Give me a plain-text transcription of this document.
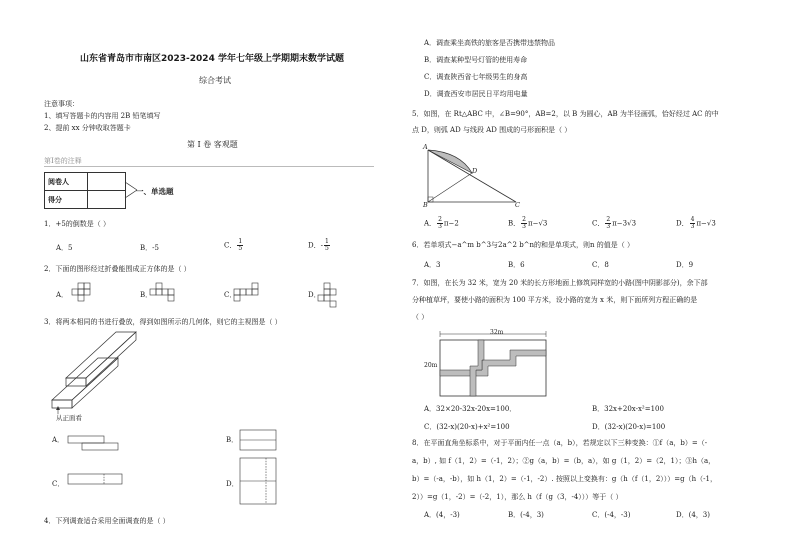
山东省青岛市市南区2023-2024 学年七年级上学期期末数学试题
综合考试
注意事项：
1、填写答题卡的内容用 2B 铅笔填写
2、提前 xx 分钟收取答题卡
第 Ⅰ 卷 客观题
第Ⅰ卷的注释
阅卷人	
得分	
一、单选题
1．+5的倒数是（ ）
A．5	B．-5	C． $\frac{1}{5}$	D．- $\frac{1}{5}$
2．下面的图形经过折叠能围成正方体的是（ ）
A．	B．	C．	D．
3．将两本相同的书进行叠放，得到如图所示的几何体，则它的主视图是（ ）
从正面看
A．	B．
C．	D．
4．下列调查适合采用全面调查的是（ ）
A．调查乘坐高铁的旅客是否携带违禁物品
B．调查某种型号灯管的使用寿命
C．调查陕西省七年级男生的身高
D．调查西安市居民日平均用电量
5．如图，在 Rt△ABC 中，∠B=90°，AB=2，以 B 为圆心，AB 为半径画弧，恰好经过 AC 的中
点 D，则弧 AD 与线段 AD 围成的弓形面积是（ ）
A
B	C
D
A． $\frac{2}{3} \pi-2$	B． $\frac{2}{3} \pi-√3$	C． $\frac{2}{3} \pi-3√3$	D． $\frac{4}{3} \pi-√3$
6．若单项式−a^m b^3与2a^2 b^n的和是单项式，则n 的值是（ ）
A．3	B．6	C．8	D．9
7．如图，在长为 32 米，宽为 20 米的长方形地面上修筑同样宽的小路(图中阴影部分)，余下部
分种植草坪，要使小路的面积为 100 平方米，设小路的宽为 x 米，则下面所列方程正确的是
（ ）
32m
20m
A．32×20-32x-20x=100．	B．32x+20x-x²=100
C．(32-x)(20-x)+x²=100	D．(32-x)(20-x)=100
8．在平面直角坐标系中，对于平面内任一点（a，b），若规定以下三种变换：①f（a，b）=（-
a，b）, 如 f（1，2）=（-1，2）；②g（a，b）=（b，a），如 g（1，2）=（2，1）；③h（a，
b）=（-a，-b），如 h（1，2）=（-1，-2）. 按照以上变换有：g（h（f（1，2）））=g（h（-1，
2））=g（1，-2）=（-2，1），那么 h（f（g（3，-4）））等于（ ）
A．(4，-3)	B．(-4，3)	C．(-4，-3)	D．(4，3)
